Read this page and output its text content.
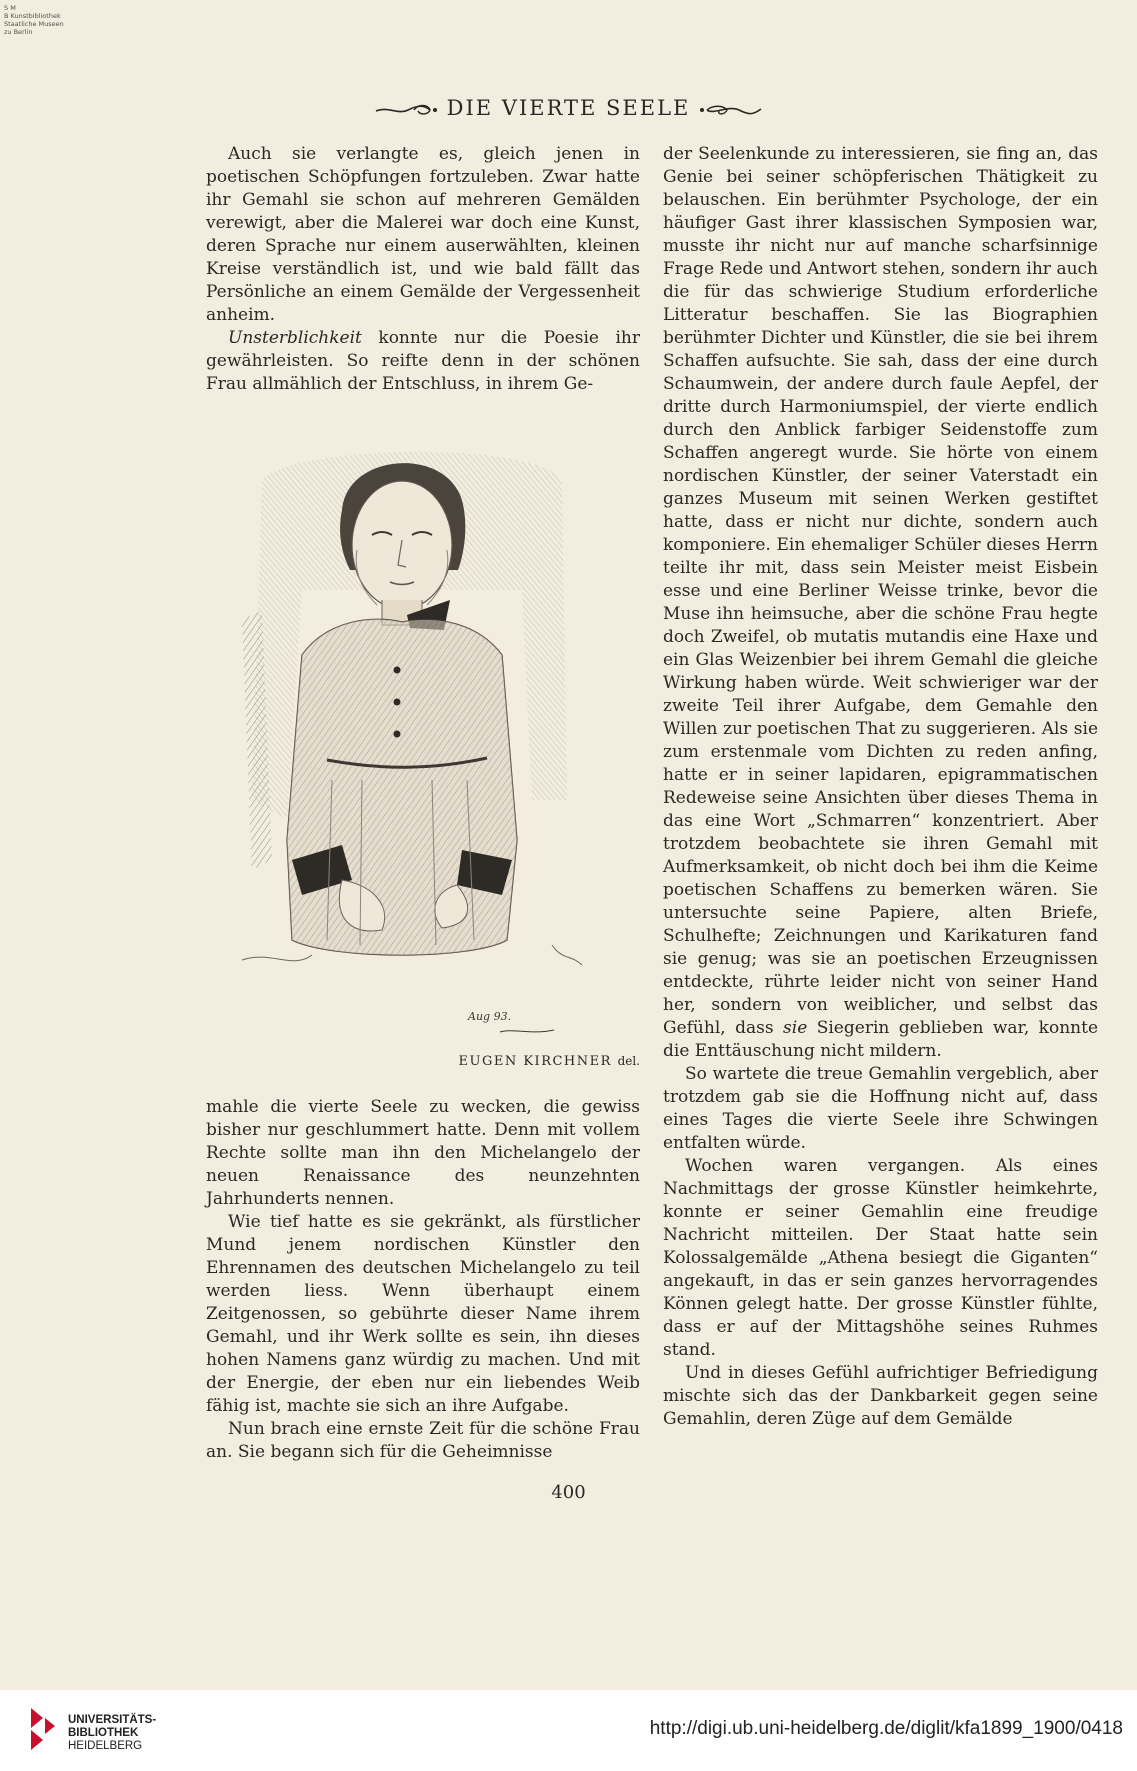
S M
B Kunstbibliothek
Staatliche Museen
zu Berlin
DIE VIERTE SEELE

Auch sie verlangte es, gleich jenen in poetischen Schöpfungen fortzuleben. Zwar hatte ihr Gemahl sie schon auf mehreren Gemälden verewigt, aber die Malerei war doch eine Kunst, deren Sprache nur einem auserwählten, kleinen Kreise verständlich ist, und wie bald fällt das Persönliche an einem Gemälde der Vergessenheit anheim.

Unsterblichkeit konnte nur die Poesie ihr gewährleisten. So reifte denn in der schönen Frau allmählich der Entschluss, in ihrem Ge-

Aug 93.
EUGEN KIRCHNER del.

mahle die vierte Seele zu wecken, die gewiss bisher nur geschlummert hatte. Denn mit vollem Rechte sollte man ihn den Michelangelo der neuen Renaissance des neunzehnten Jahrhunderts nennen.

Wie tief hatte es sie gekränkt, als fürstlicher Mund jenem nordischen Künstler den Ehrennamen des deutschen Michelangelo zu teil werden liess. Wenn überhaupt einem Zeitgenossen, so gebührte dieser Name ihrem Gemahl, und ihr Werk sollte es sein, ihn dieses hohen Namens ganz würdig zu machen. Und mit der Energie, der eben nur ein liebendes Weib fähig ist, machte sie sich an ihre Aufgabe.

Nun brach eine ernste Zeit für die schöne Frau an. Sie begann sich für die Geheimnisse

der Seelenkunde zu interessieren, sie fing an, das Genie bei seiner schöpferischen Thätigkeit zu belauschen. Ein berühmter Psychologe, der ein häufiger Gast ihrer klassischen Symposien war, musste ihr nicht nur auf manche scharfsinnige Frage Rede und Antwort stehen, sondern ihr auch die für das schwierige Studium erforderliche Litteratur beschaffen. Sie las Biographien berühmter Dichter und Künstler, die sie bei ihrem Schaffen aufsuchte. Sie sah, dass der eine durch Schaumwein, der andere durch faule Aepfel, der dritte durch Harmoniumspiel, der vierte endlich durch den Anblick farbiger Seidenstoffe zum Schaffen angeregt wurde. Sie hörte von einem nordischen Künstler, der seiner Vaterstadt ein ganzes Museum mit seinen Werken gestiftet hatte, dass er nicht nur dichte, sondern auch komponiere. Ein ehemaliger Schüler dieses Herrn teilte ihr mit, dass sein Meister meist Eisbein esse und eine Berliner Weisse trinke, bevor die Muse ihn heimsuche, aber die schöne Frau hegte doch Zweifel, ob mutatis mutandis eine Haxe und ein Glas Weizenbier bei ihrem Gemahl die gleiche Wirkung haben würde. Weit schwieriger war der zweite Teil ihrer Aufgabe, dem Gemahle den Willen zur poetischen That zu suggerieren. Als sie zum erstenmale vom Dichten zu reden anfing, hatte er in seiner lapidaren, epigrammatischen Redeweise seine Ansichten über dieses Thema in das eine Wort „Schmarren“ konzentriert. Aber trotzdem beobachtete sie ihren Gemahl mit Aufmerksamkeit, ob nicht doch bei ihm die Keime poetischen Schaffens zu bemerken wären. Sie untersuchte seine Papiere, alten Briefe, Schulhefte; Zeichnungen und Karikaturen fand sie genug; was sie an poetischen Erzeugnissen entdeckte, rührte leider nicht von seiner Hand her, sondern von weiblicher, und selbst das Gefühl, dass sie Siegerin geblieben war, konnte die Enttäuschung nicht mildern.

So wartete die treue Gemahlin vergeblich, aber trotzdem gab sie die Hoffnung nicht auf, dass eines Tages die vierte Seele ihre Schwingen entfalten würde.

Wochen waren vergangen. Als eines Nachmittags der grosse Künstler heimkehrte, konnte er seiner Gemahlin eine freudige Nachricht mitteilen. Der Staat hatte sein Kolossalgemälde „Athena besiegt die Giganten“ angekauft, in das er sein ganzes hervorragendes Können gelegt hatte. Der grosse Künstler fühlte, dass er auf der Mittagshöhe seines Ruhmes stand.

Und in dieses Gefühl aufrichtiger Befriedigung mischte sich das der Dankbarkeit gegen seine Gemahlin, deren Züge auf dem Gemälde

400
UNIVERSITÄTS-
BIBLIOTHEK
HEIDELBERG
http://digi.ub.uni-heidelberg.de/diglit/kfa1899_1900/0418
